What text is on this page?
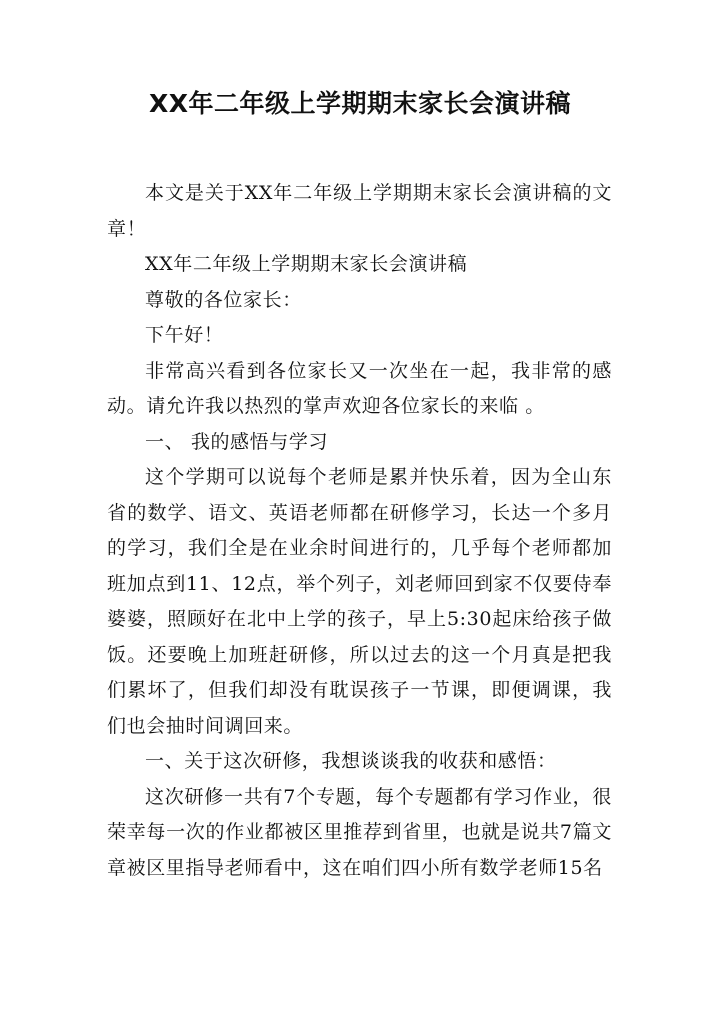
XX年二年级上学期期末家长会演讲稿

本文是关于XX年二年级上学期期末家长会演讲稿的文章！

XX年二年级上学期期末家长会演讲稿

尊敬的各位家长：

下午好！

非常高兴看到各位家长又一次坐在一起，我非常的感动。请允许我以热烈的掌声欢迎各位家长的来临 。

一、 我的感悟与学习

这个学期可以说每个老师是累并快乐着，因为全山东省的数学、语文、英语老师都在研修学习，长达一个多月的学习，我们全是在业余时间进行的，几乎每个老师都加班加点到11、12点，举个列子，刘老师回到家不仅要侍奉婆婆，照顾好在北中上学的孩子，早上5:30起床给孩子做饭。还要晚上加班赶研修，所以过去的这一个月真是把我们累坏了，但我们却没有耽误孩子一节课，即便调课，我们也会抽时间调回来。

一、关于这次研修，我想谈谈我的收获和感悟：

这次研修一共有7个专题，每个专题都有学习作业，很荣幸每一次的作业都被区里推荐到省里，也就是说共7篇文章被区里指导老师看中，这在咱们四小所有数学老师15名
